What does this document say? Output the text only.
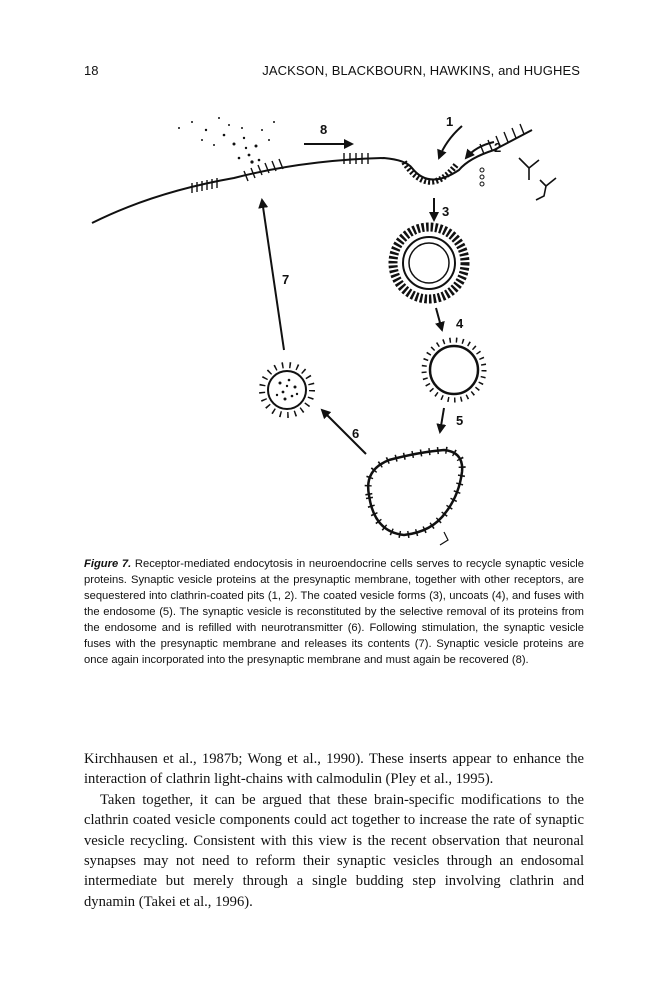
18	JACKSON, BLACKBOURN, HAWKINS, and HUGHES
8
1
2
3
4
5
6
7
Figure 7. Receptor-mediated endocytosis in neuroendocrine cells serves to recycle synaptic vesicle proteins. Synaptic vesicle proteins at the presynaptic membrane, together with other receptors, are sequestered into clathrin-coated pits (1, 2). The coated vesicle forms (3), uncoats (4), and fuses with the endosome (5). The synaptic vesicle is reconstituted by the selective removal of its proteins from the endosome and is refilled with neurotransmitter (6). Following stimulation, the synaptic vesicle fuses with the presynaptic membrane and releases its contents (7). Synaptic vesicle proteins are once again incorporated into the presynaptic membrane and must again be recovered (8).

Kirchhausen et al., 1987b; Wong et al., 1990). These inserts appear to enhance the interaction of clathrin light-chains with calmodulin (Pley et al., 1995).

Taken together, it can be argued that these brain-specific modifications to the clathrin coated vesicle components could act together to increase the rate of synaptic vesicle recycling. Consistent with this view is the recent observation that neuronal synapses may not need to reform their synaptic vesicles through an endosomal intermediate but merely through a single budding step involving clathrin and dynamin (Takei et al., 1996).
